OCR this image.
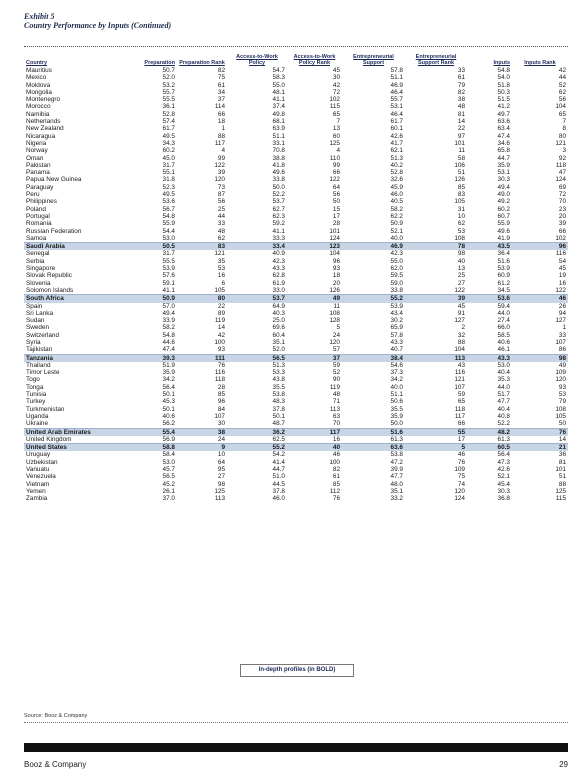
Exhibit 5
Country Performance by Inputs (Continued)
Country	Preparation	Preparation Rank	Access-to-Work Policy	Access-to-Work Policy Rank	Entrepreneurial Support	Entrepreneurial Support Rank	Inputs	Inputs Rank
Mauritius	50.7	82	54.7	45	57.8	33	54.8	42
Mexico	52.0	75	58.3	30	51.1	61	54.0	44
Moldova	53.2	61	55.0	42	46.9	79	51.8	52
Mongolia	55.7	34	48.1	72	46.4	82	50.3	62
Montenegro	55.5	37	41.1	102	55.7	38	51.5	56
Morocco	36.1	114	37.4	115	53.1	48	41.2	104
Namibia	52.8	66	49.8	65	46.4	81	49.7	65
Netherlands	57.4	18	68.1	7	61.7	14	63.6	7
New Zealand	61.7	1	63.9	13	60.1	22	63.4	8
Nicaragua	49.5	88	51.1	60	42.6	97	47.4	80
Nigeria	34.3	117	33.1	125	41.7	101	34.6	121
Norway	60.2	4	70.8	4	62.1	11	65.8	3
Oman	45.0	99	38.8	110	51.3	58	44.7	92
Pakistan	31.7	122	41.8	99	40.2	106	35.9	118
Panama	55.1	39	49.6	66	52.8	51	53.1	47
Papua New Guinea	31.8	120	33.8	122	32.6	126	30.3	124
Paraguay	52.3	73	50.0	64	45.9	85	49.4	69
Peru	49.5	87	52.2	56	46.0	83	49.0	72
Philippines	53.6	56	53.7	50	40.5	105	49.2	70
Poland	56.7	25	62.7	15	58.2	31	60.2	23
Portugal	54.8	44	62.3	17	62.2	10	60.7	20
Romania	55.9	33	59.2	28	50.9	62	55.9	39
Russian Federation	54.4	48	41.1	101	52.1	53	49.6	66
Samoa	53.0	62	33.3	124	40.0	108	41.9	102
Saudi Arabia	50.5	83	33.4	123	46.9	78	43.5	96
Senegal	31.7	121	40.9	104	42.3	98	36.4	116
Serbia	55.5	35	42.3	96	55.0	40	51.6	54
Singapore	53.9	53	43.3	93	62.0	13	53.9	45
Slovak Republic	57.6	16	62.8	18	59.5	25	60.9	19
Slovenia	59.1	6	61.9	20	59.0	27	61.2	16
Solomon Islands	41.1	105	33.0	126	33.8	122	34.5	122
South Africa	50.9	80	53.7	49	55.2	39	53.6	46
Spain	57.0	22	64.9	11	53.9	45	59.4	26
Sri Lanka	49.4	89	40.3	108	43.4	91	44.0	94
Sudan	33.9	119	25.0	128	30.2	127	27.4	127
Sweden	58.2	14	69.6	5	65.9	2	66.0	1
Switzerland	54.8	42	60.4	24	57.8	32	58.5	33
Syria	44.6	100	35.1	120	43.3	88	40.6	107
Tajikistan	47.4	93	52.0	57	40.7	104	46.1	86
Tanzania	39.3	111	56.5	37	38.4	113	43.3	98
Thailand	51.9	76	51.3	59	54.6	43	53.0	49
Timor Leste	35.9	116	53.3	52	37.3	116	40.4	109
Togo	34.2	118	43.8	90	34.2	121	35.3	120
Tonga	56.4	28	35.5	119	40.0	107	44.0	93
Tunisia	50.1	85	53.8	48	51.1	59	51.7	53
Turkey	45.3	96	48.3	71	50.6	65	47.7	79
Turkmenistan	50.1	84	37.8	113	35.5	118	40.4	108
Uganda	40.6	107	50.1	63	35.9	117	40.8	105
Ukraine	56.2	30	48.7	70	50.0	66	52.2	50
United Arab Emirates	55.4	38	36.2	117	51.6	55	48.2	76
United Kingdom	56.9	24	62.5	16	61.3	17	61.3	14
United States	58.8	9	55.2	40	63.6	5	60.5	21
Uruguay	58.4	10	54.2	46	53.8	46	56.4	36
Uzbekistan	53.0	64	41.4	100	47.2	76	47.3	81
Vanuatu	45.7	95	44.7	82	39.9	109	42.6	101
Venezuela	56.5	27	51.0	61	47.7	75	52.1	51
Vietnam	45.2	98	44.5	85	48.0	74	45.4	88
Yemen	26.1	125	37.8	112	35.1	120	30.3	125
Zambia	37.0	113	46.0	76	33.2	124	36.8	115
In-depth profiles (in BOLD)
Source: Booz & Company
Booz & Company	29
